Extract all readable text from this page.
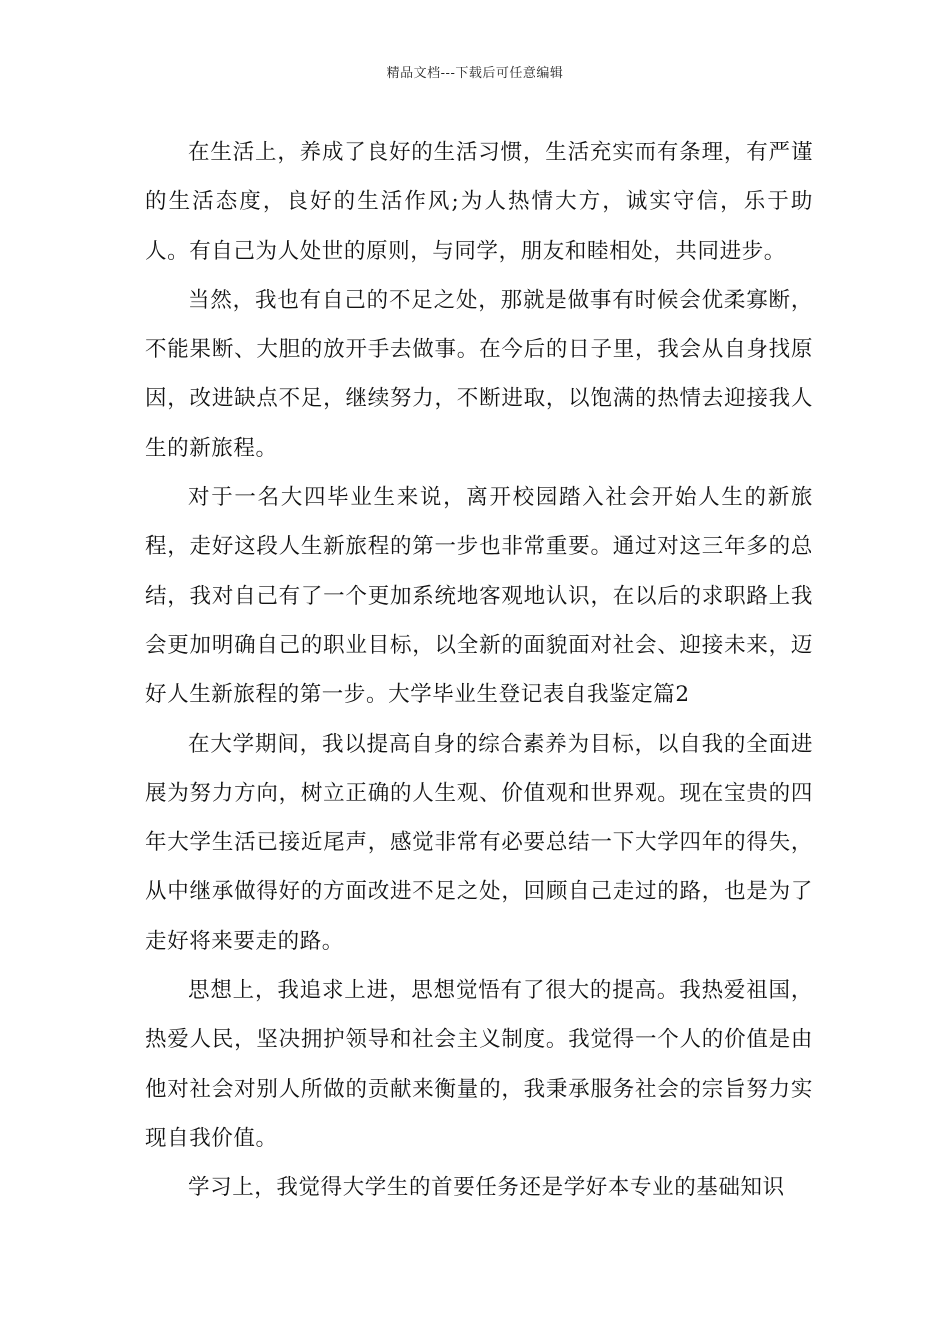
精品文档---下载后可任意编辑

在生活上，养成了良好的生活习惯，生活充实而有条理，有严谨的生活态度，良好的生活作风;为人热情大方，诚实守信，乐于助人。有自己为人处世的原则，与同学，朋友和睦相处，共同进步。

当然，我也有自己的不足之处，那就是做事有时候会优柔寡断，不能果断、大胆的放开手去做事。在今后的日子里，我会从自身找原因，改进缺点不足，继续努力，不断进取，以饱满的热情去迎接我人生的新旅程。

对于一名大四毕业生来说，离开校园踏入社会开始人生的新旅程，走好这段人生新旅程的第一步也非常重要。通过对这三年多的总结，我对自己有了一个更加系统地客观地认识，在以后的求职路上我会更加明确自己的职业目标，以全新的面貌面对社会、迎接未来，迈好人生新旅程的第一步。大学毕业生登记表自我鉴定篇2

在大学期间，我以提高自身的综合素养为目标，以自我的全面进展为努力方向，树立正确的人生观、价值观和世界观。现在宝贵的四年大学生活已接近尾声，感觉非常有必要总结一下大学四年的得失，从中继承做得好的方面改进不足之处，回顾自己走过的路，也是为了走好将来要走的路。

思想上，我追求上进，思想觉悟有了很大的提高。我热爱祖国，热爱人民，坚决拥护领导和社会主义制度。我觉得一个人的价值是由他对社会对别人所做的贡献来衡量的，我秉承服务社会的宗旨努力实现自我价值。

学习上，我觉得大学生的首要任务还是学好本专业的基础知识
